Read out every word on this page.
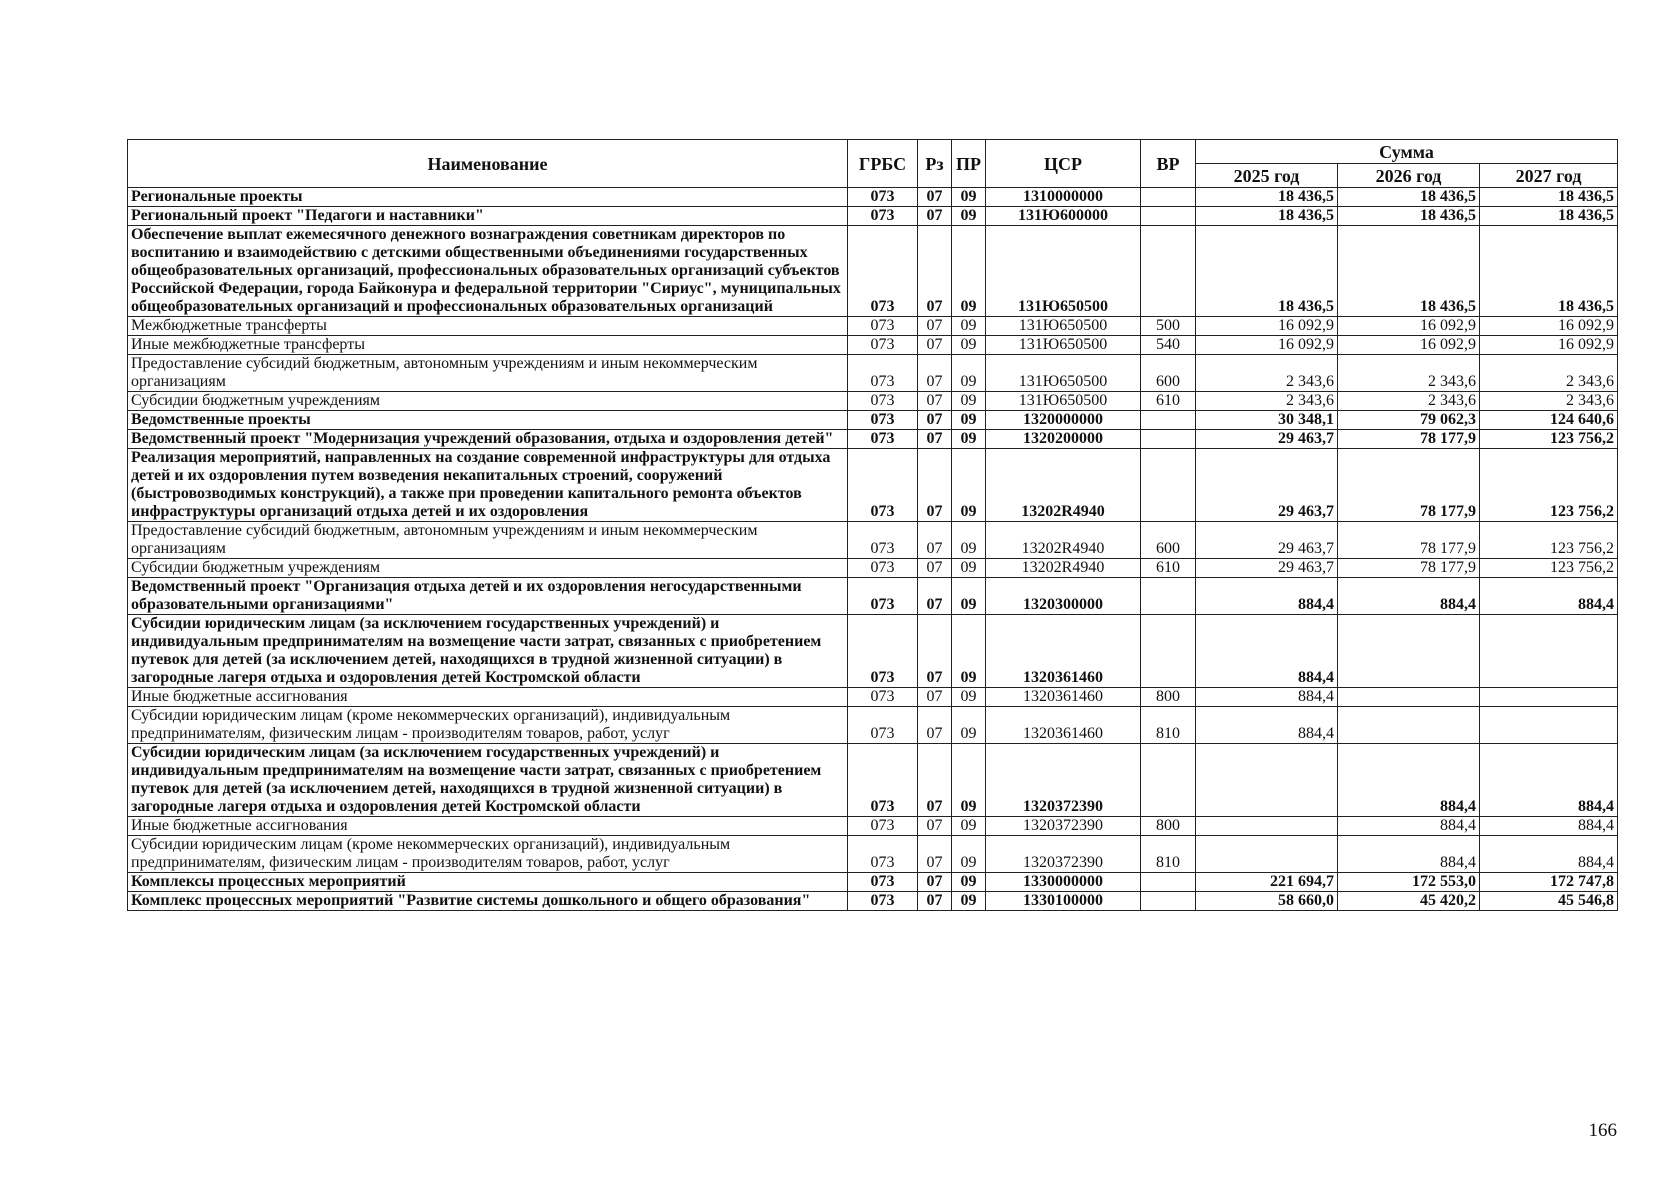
Наименование	ГРБС	Рз	ПР	ЦСР	ВР	Сумма		
						2025 год	2026 год	2027 год
Региональные проекты	073	07	09	1310000000		18 436,5	18 436,5	18 436,5
Региональный проект "Педагоги и наставники"	073	07	09	131Ю600000		18 436,5	18 436,5	18 436,5
Обеспечение выплат ежемесячного денежного вознаграждения советникам директоров по воспитанию и взаимодействию с детскими общественными объединениями государственных общеобразовательных организаций, профессиональных образовательных организаций субъектов Российской Федерации, города Байконура и федеральной территории "Сириус", муниципальных общеобразовательных организаций и профессиональных образовательных организаций	073	07	09	131Ю650500		18 436,5	18 436,5	18 436,5
Межбюджетные трансферты	073	07	09	131Ю650500	500	16 092,9	16 092,9	16 092,9
Иные межбюджетные трансферты	073	07	09	131Ю650500	540	16 092,9	16 092,9	16 092,9
Предоставление субсидий бюджетным, автономным учреждениям и иным некоммерческим организациям	073	07	09	131Ю650500	600	2 343,6	2 343,6	2 343,6
Субсидии бюджетным учреждениям	073	07	09	131Ю650500	610	2 343,6	2 343,6	2 343,6
Ведомственные проекты	073	07	09	1320000000		30 348,1	79 062,3	124 640,6
Ведомственный проект "Модернизация учреждений образования, отдыха и оздоровления детей"	073	07	09	1320200000		29 463,7	78 177,9	123 756,2
Реализация мероприятий, направленных на создание современной инфраструктуры для отдыха детей и их оздоровления путем возведения некапитальных строений, сооружений (быстровозводимых конструкций), а также при проведении капитального ремонта объектов инфраструктуры организаций отдыха детей и их оздоровления	073	07	09	13202R4940		29 463,7	78 177,9	123 756,2
Предоставление субсидий бюджетным, автономным учреждениям и иным некоммерческим организациям	073	07	09	13202R4940	600	29 463,7	78 177,9	123 756,2
Субсидии бюджетным учреждениям	073	07	09	13202R4940	610	29 463,7	78 177,9	123 756,2
Ведомственный проект "Организация отдыха детей и их оздоровления негосударственными образовательными организациями"	073	07	09	1320300000		884,4	884,4	884,4
Субсидии юридическим лицам (за исключением государственных учреждений) и индивидуальным предпринимателям на возмещение части затрат, связанных с приобретением путевок для детей (за исключением детей, находящихся в трудной жизненной ситуации) в загородные лагеря отдыха и оздоровления детей Костромской области	073	07	09	1320361460		884,4		
Иные бюджетные ассигнования	073	07	09	1320361460	800	884,4		
Субсидии юридическим лицам (кроме некоммерческих организаций), индивидуальным предпринимателям, физическим лицам - производителям товаров, работ, услуг	073	07	09	1320361460	810	884,4		
Субсидии юридическим лицам (за исключением государственных учреждений) и индивидуальным предпринимателям на возмещение части затрат, связанных с приобретением путевок для детей (за исключением детей, находящихся в трудной жизненной ситуации) в загородные лагеря отдыха и оздоровления детей Костромской области	073	07	09	1320372390			884,4	884,4
Иные бюджетные ассигнования	073	07	09	1320372390	800		884,4	884,4
Субсидии юридическим лицам (кроме некоммерческих организаций), индивидуальным предпринимателям, физическим лицам - производителям товаров, работ, услуг	073	07	09	1320372390	810		884,4	884,4
Комплексы процессных мероприятий	073	07	09	1330000000		221 694,7	172 553,0	172 747,8
Комплекс процессных мероприятий "Развитие системы дошкольного и общего образования"	073	07	09	1330100000		58 660,0	45 420,2	45 546,8
166
